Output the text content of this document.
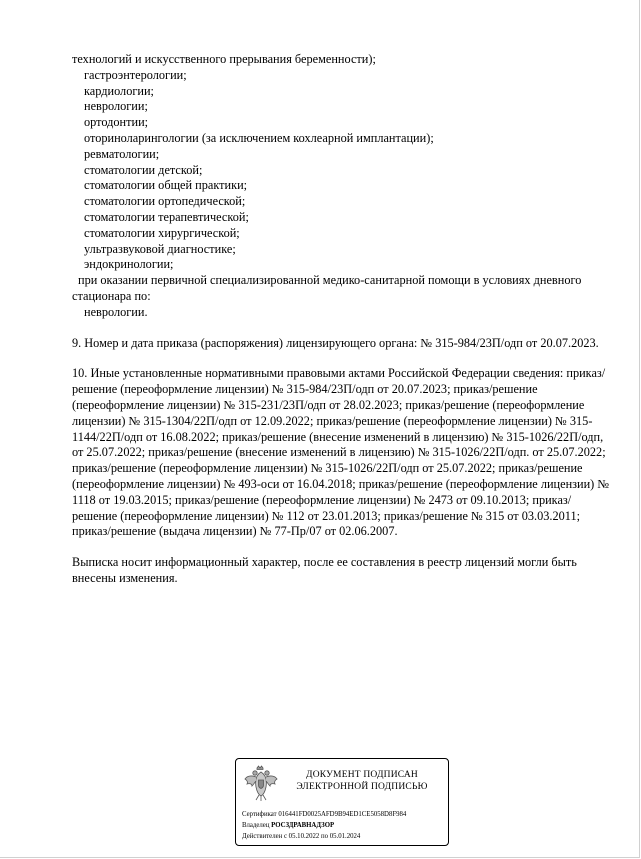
технологий и искусственного прерывания беременности);
гастроэнтерологии;
кардиологии;
неврологии;
ортодонтии;
оториноларингологии (за исключением кохлеарной имплантации);
ревматологии;
стоматологии детской;
стоматологии общей практики;
стоматологии ортопедической;
стоматологии терапевтической;
стоматологии хирургической;
ультразвуковой диагностике;
эндокринологии;
при оказании первичной специализированной медико-санитарной помощи в условиях дневного
стационара по:
неврологии.
9. Номер и дата приказа (распоряжения) лицензирующего органа: № 315-984/23П/одп от 20.07.2023.
10. Иные установленные нормативными правовыми актами Российской Федерации сведения: приказ/решение (переоформление лицензии) № 315-984/23П/одп от 20.07.2023; приказ/решение (переоформление лицензии) № 315-231/23П/одп от 28.02.2023; приказ/решение (переоформление лицензии) № 315-1304/22П/одп от 12.09.2022; приказ/решение (переоформление лицензии) № 315-1144/22П/одп от 16.08.2022; приказ/решение (внесение изменений в лицензию) № 315-1026/22П/одп, от 25.07.2022; приказ/решение (внесение изменений в лицензию) № 315-1026/22П/одп. от 25.07.2022; приказ/решение (переоформление лицензии) № 315-1026/22П/одп от 25.07.2022; приказ/решение (переоформление лицензии) № 493-оси от 16.04.2018; приказ/решение (переоформление лицензии) № 1118 от 19.03.2015; приказ/решение (переоформление лицензии) № 2473 от 09.10.2013; приказ/решение (переоформление лицензии) № 112 от 23.01.2013; приказ/решение № 315 от 03.03.2011; приказ/решение (выдача лицензии) № 77-Пр/07 от 02.06.2007.
Выписка носит информационный характер, после ее составления в реестр лицензий могли быть внесены изменения.
ДОКУМЕНТ ПОДПИСАН
ЭЛЕКТРОННОЙ ПОДПИСЬЮ
Сертификат 016441FD0025AFD9B94ED1CE5058D8F984
Владелец РОСЗДРАВНАДЗОР
Действителен с 05.10.2022 по 05.01.2024
